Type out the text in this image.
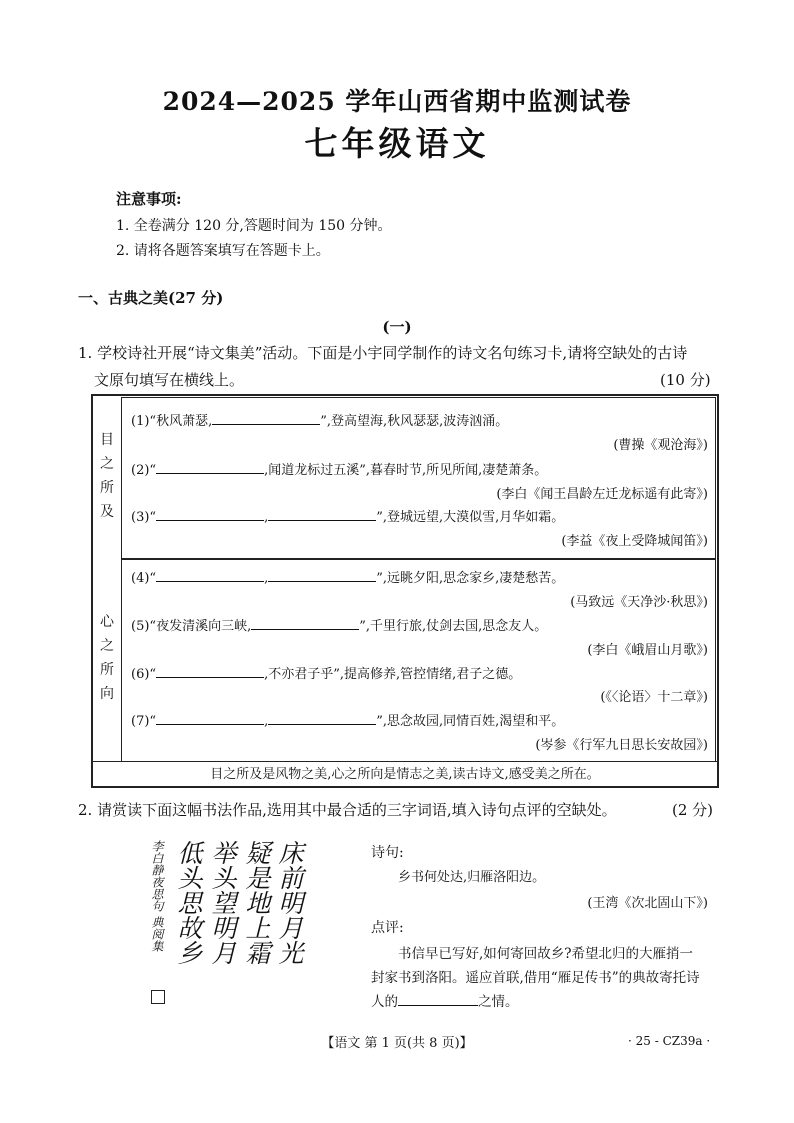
2024—2025 学年山西省期中监测试卷
七年级语文
注意事项:
1. 全卷满分 120 分,答题时间为 150 分钟。
2. 请将各题答案填写在答题卡上。
一、古典之美(27 分)
(一)
1. 学校诗社开展“诗文集美”活动。下面是小宇同学制作的诗文名句练习卡,请将空缺处的古诗
文原句填写在横线上。	(10 分)
目
之
所
及
心
之
所
向
(1)“秋风萧瑟,	”,登高望海,秋风瑟瑟,波涛汹涌。
(曹操《观沧海》)
(2)“	,闻道龙标过五溪”,暮春时节,所见所闻,凄楚萧条。
(李白《闻王昌龄左迁龙标遥有此寄》)
(3)“	,	”,登城远望,大漠似雪,月华如霜。
(李益《夜上受降城闻笛》)
(4)“	,	”,远眺夕阳,思念家乡,凄楚愁苦。
(马致远《天净沙·秋思》)
(5)“夜发清溪向三峡,	”,千里行旅,仗剑去国,思念友人。
(李白《峨眉山月歌》)
(6)“	,不亦君子乎”,提高修养,管控情绪,君子之德。
(《〈论语〉十二章》)
(7)“	,	”,思念故园,同情百姓,渴望和平。
(岑参《行军九日思长安故园》)
目之所及是风物之美,心之所向是情志之美,读古诗文,感受美之所在。
2. 请赏读下面这幅书法作品,选用其中最合适的三字词语,填入诗句点评的空缺处。	(2 分)
床前明月光
疑是地上霜
举头望明月
低头思故乡
李白静夜思句 典阅集	诗句:
乡书何处达,归雁洛阳边。
(王湾《次北固山下》)
点评:
书信早已写好,如何寄回故乡?希望北归的大雁捎一
封家书到洛阳。遥应首联,借用“雁足传书”的典故寄托诗
人的	之情。
【语文 第 1 页(共 8 页)】	· 25 - CZ39a ·
